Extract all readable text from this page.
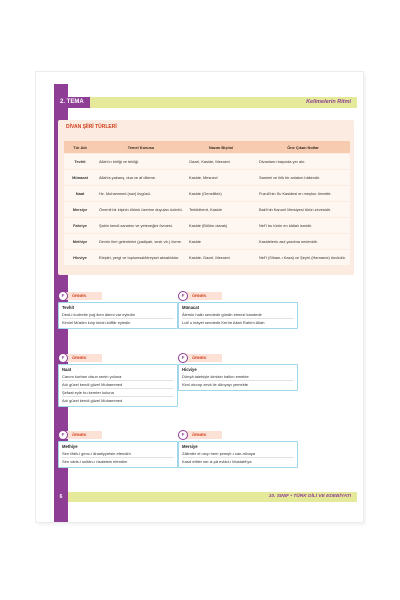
2. TEMA	Kelimelerin Ritmi
DİVAN ŞİİRİ TÜRLERİ
Tür Adı	Temel Konusu	Nazım Biçimi	Öne Çıkan Notlar
Tevhit	Allah'ın birliği ve tekliği.	Gazel, Kaside, Mesnevi	Divanların başında yer alır.
Münacat	Allah'a yakarış, dua ve af dileme.	Kaside, Mesnevi	Samimi ve lirik bir anlatım hâkimdir.
Naat	Hz. Muhammed (sav) övgüsü.	Kaside (Genellikle)	Fuzulî'nin Su Kasidesi en meşhur örnektir.
Mersiye	Önemli bir kişinin ölümü üzerine duyulan üzüntü.	Terkibibent, Kaside	Bakî'nin Kanunî Mersiyesi türün zirvesidir.
Fahriye	Şairin kendi sanatını ve yeteneğini övmesi.	Kaside (Bölüm olarak)	Nef'î bu türün en iddialı ismidir.
Methiye	Devrin ileri gelenlerini (padişah, vezir vb.) övme.	Kaside	Kasidelerin asıl yazılma nedenidir.
Hicviye	Eleştiri, yergi ve toplumsal/bireysel aksaklıklar.	Kaside, Gazel, Mesnevi	Nef'î (Siham-ı Kaza) ve Şeyhî (Harname) öncüdür.
F	ÖRNEK
Tevhit
Dest-i kudretle yoğ iken âlemi var eyledin
Kimini Müslim kılıp kimin küffâr eyledin
F	ÖRNEK
Münacat
Âlemin halkı sendedir günâh etmezi kandedir
Lutf u inâyet sendedir Kerîm Allah Rahîm Allah
F	ÖRNEK
Naat
Canım kurban olsun senin yoluna
Adı güzel kendi güzel Muhammed
Şefaat eyle bu kemter kuluna
Adı güzel kendi güzel Muhammed
F	ÖRNEK
Hicviye
Dünyâ talebiyle kimisin halkın emekte
Kimi oturup zevk ile dünyayı yemekte
F	ÖRNEK
Methiye
Sen fâtih-i genc-i âhadiyyetsin efendim
Sen vâris-i sultân-ı risaletsin efendim
F	ÖRNEK
Mersiye
Zâlimler el urup hem şemşîr-i can-rübaya
Kasd ettiler ser-â-pâ evlâd-ı Mustafâ'ya
6	10. SINIF • TÜRK DİLİ VE EDEBİYATI
